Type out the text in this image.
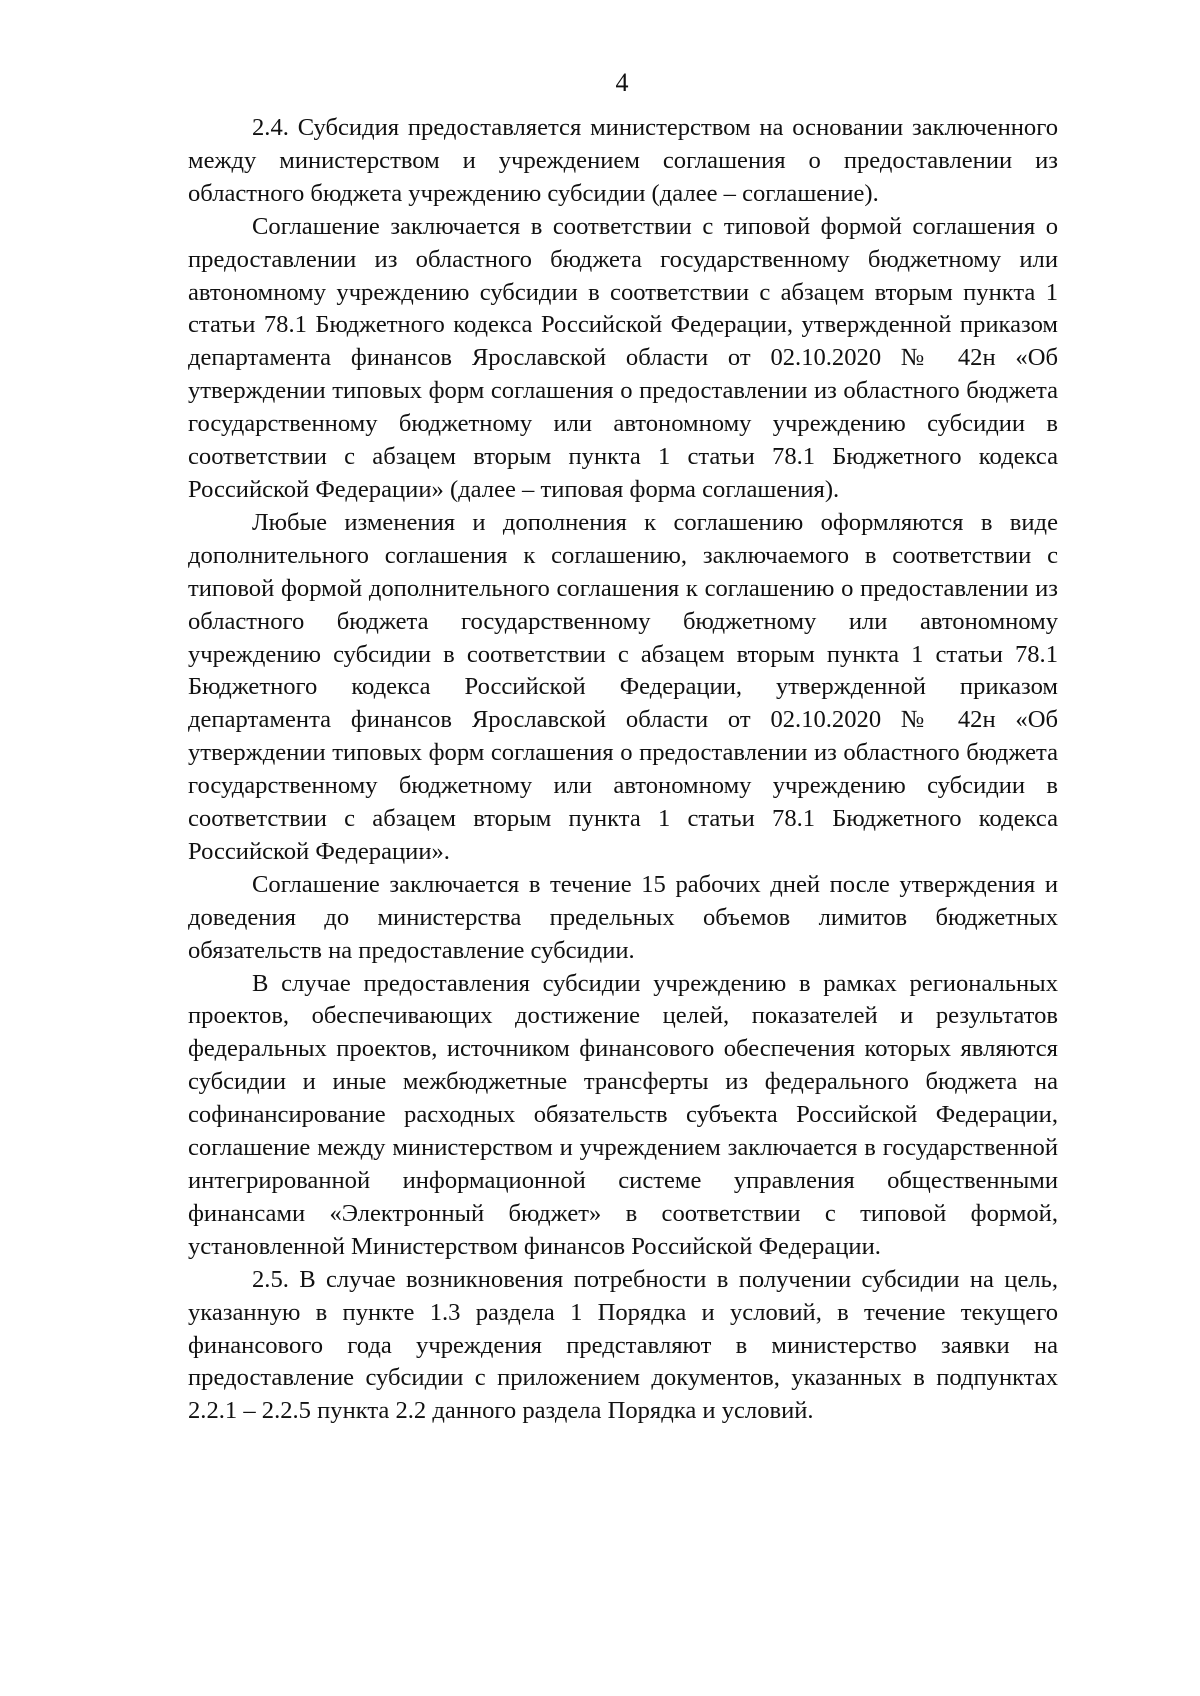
4

2.4. Субсидия предоставляется министерством на основании заключенного между министерством и учреждением соглашения о предоставлении из областного бюджета учреждению субсидии (далее – соглашение).

Соглашение заключается в соответствии с типовой формой соглашения о предоставлении из областного бюджета государственному бюджетному или автономному учреждению субсидии в соответствии с абзацем вторым пункта 1 статьи 78.1 Бюджетного кодекса Российской Федерации, утвержденной приказом департамента финансов Ярославской области от 02.10.2020 № 42н «Об утверждении типовых форм соглашения о предоставлении из областного бюджета государственному бюджетному или автономному учреждению субсидии в соответствии с абзацем вторым пункта 1 статьи 78.1 Бюджетного кодекса Российской Федерации» (далее – типовая форма соглашения).

Любые изменения и дополнения к соглашению оформляются в виде дополнительного соглашения к соглашению, заключаемого в соответствии с типовой формой дополнительного соглашения к соглашению о предоставлении из областного бюджета государственному бюджетному или автономному учреждению субсидии в соответствии с абзацем вторым пункта 1 статьи 78.1 Бюджетного кодекса Российской Федерации, утвержденной приказом департамента финансов Ярославской области от 02.10.2020 № 42н «Об утверждении типовых форм соглашения о предоставлении из областного бюджета государственному бюджетному или автономному учреждению субсидии в соответствии с абзацем вторым пункта 1 статьи 78.1 Бюджетного кодекса Российской Федерации».

Соглашение заключается в течение 15 рабочих дней после утверждения и доведения до министерства предельных объемов лимитов бюджетных обязательств на предоставление субсидии.

В случае предоставления субсидии учреждению в рамках региональных проектов, обеспечивающих достижение целей, показателей и результатов федеральных проектов, источником финансового обеспечения которых являются субсидии и иные межбюджетные трансферты из федерального бюджета на софинансирование расходных обязательств субъекта Российской Федерации, соглашение между министерством и учреждением заключается в государственной интегрированной информационной системе управления общественными финансами «Электронный бюджет» в соответствии с типовой формой, установленной Министерством финансов Российской Федерации.

2.5. В случае возникновения потребности в получении субсидии на цель, указанную в пункте 1.3 раздела 1 Порядка и условий, в течение текущего финансового года учреждения представляют в министерство заявки на предоставление субсидии с приложением документов, указанных в подпунктах 2.2.1 – 2.2.5 пункта 2.2 данного раздела Порядка и условий.
